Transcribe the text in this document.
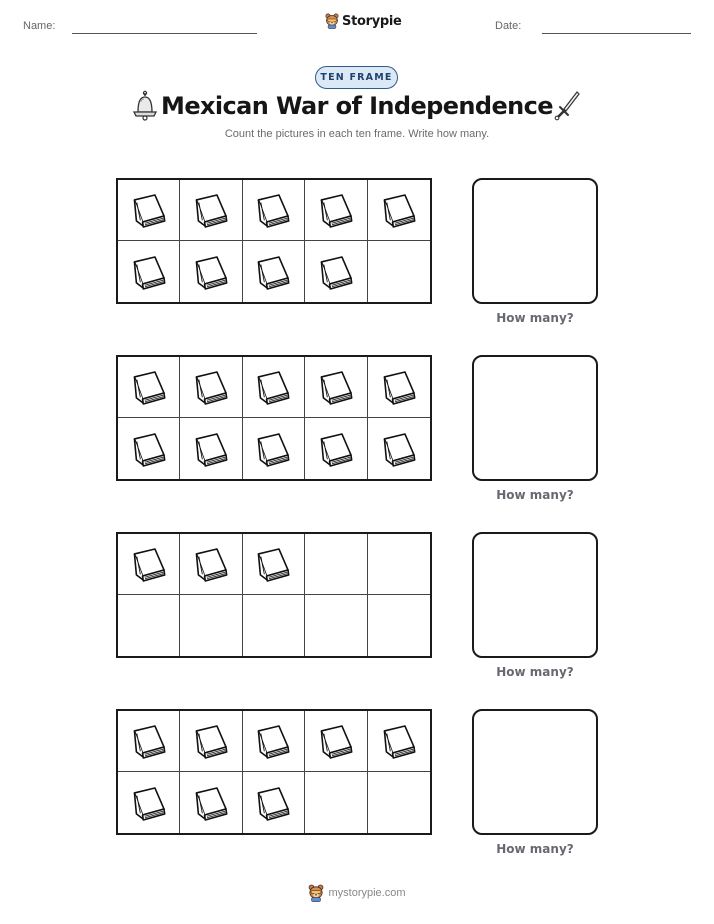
Name:	Storypie	Date:
TEN FRAME
Mexican War of Independence
Count the pictures in each ten frame. Write how many.
How many?
How many?
How many?
How many?
mystorypie.com
